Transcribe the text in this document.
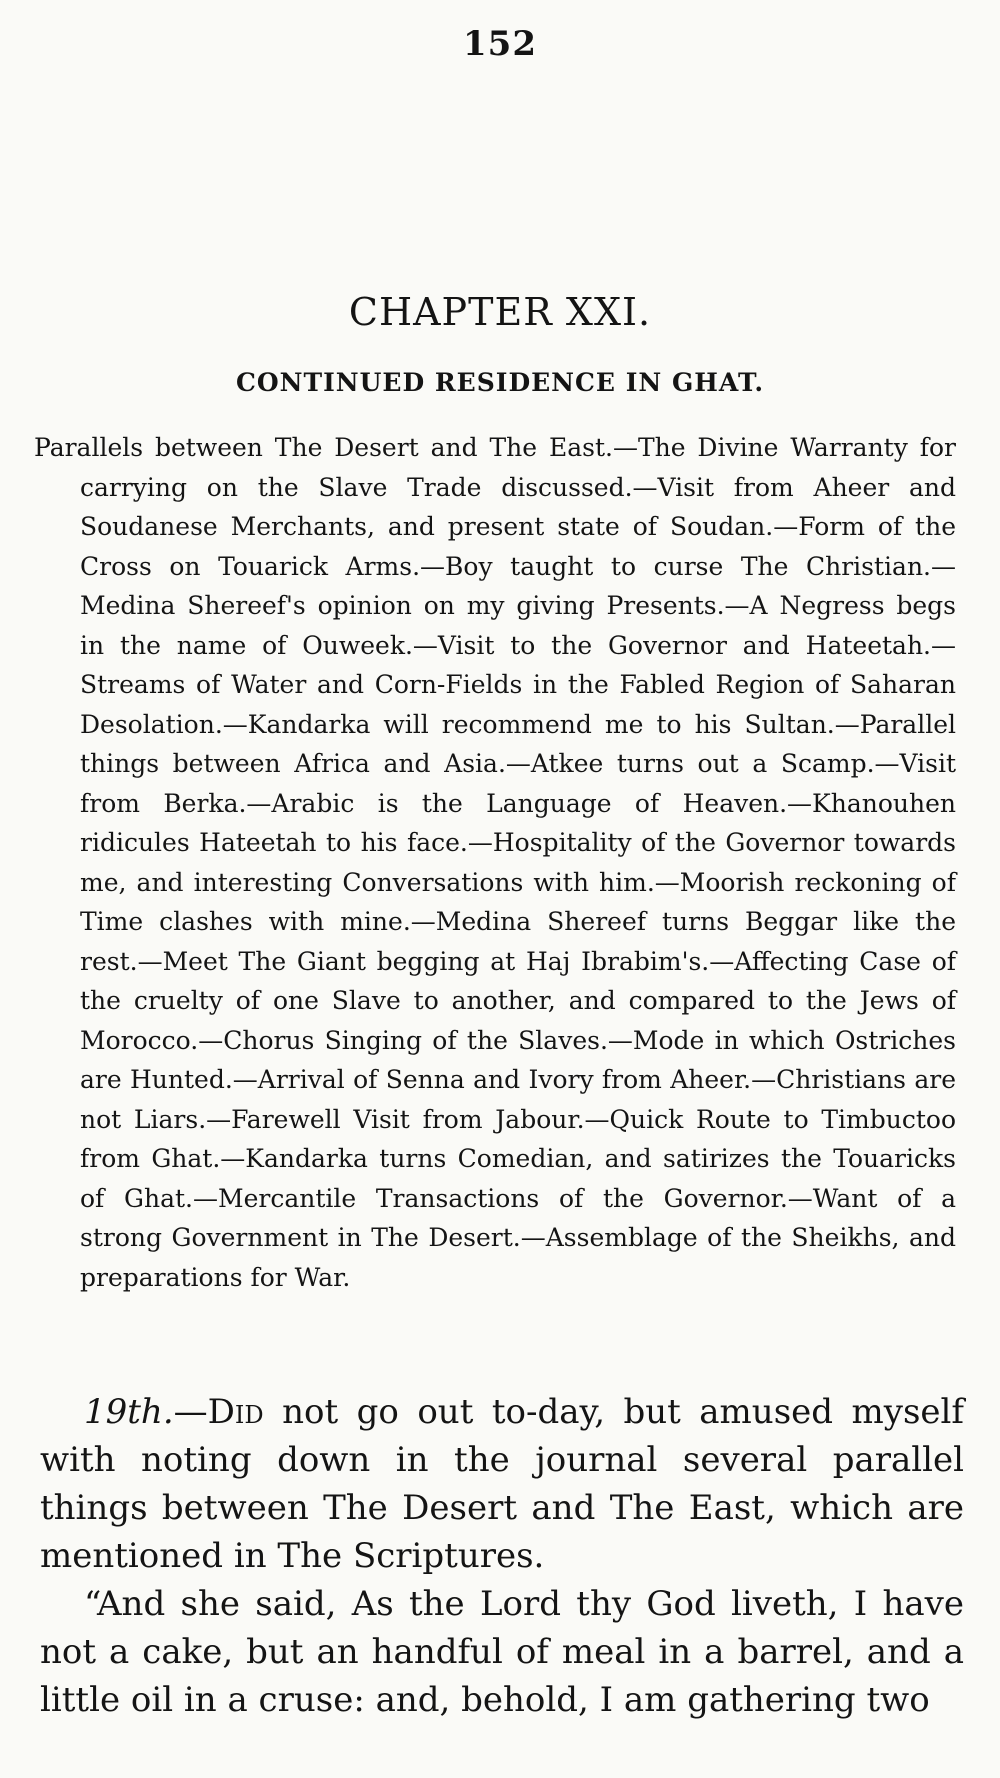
152
CHAPTER XXI.
CONTINUED RESIDENCE IN GHAT.
Parallels between The Desert and The East.—The Divine Warranty for carrying on the Slave Trade discussed.—Visit from Aheer and Soudanese Merchants, and present state of Soudan.—Form of the Cross on Touarick Arms.—Boy taught to curse The Christian.—Medina Shereef's opinion on my giving Presents.—A Negress begs in the name of Ouweek.—Visit to the Governor and Hateetah.—Streams of Water and Corn-Fields in the Fabled Region of Saharan Desolation.—Kandarka will recommend me to his Sultan.—Parallel things between Africa and Asia.—Atkee turns out a Scamp.—Visit from Berka.—Arabic is the Language of Heaven.—Khanouhen ridicules Hateetah to his face.—Hospitality of the Governor towards me, and interesting Conversations with him.—Moorish reckoning of Time clashes with mine.—Medina Shereef turns Beggar like the rest.—Meet The Giant begging at Haj Ibrabim's.—Affecting Case of the cruelty of one Slave to another, and compared to the Jews of Morocco.—Chorus Singing of the Slaves.—Mode in which Ostriches are Hunted.—Arrival of Senna and Ivory from Aheer.—Christians are not Liars.—Farewell Visit from Jabour.—Quick Route to Timbuctoo from Ghat.—Kandarka turns Comedian, and satirizes the Touaricks of Ghat.—Mercantile Transactions of the Governor.—Want of a strong Government in The Desert.—Assemblage of the Sheikhs, and preparations for War.

19th.—Did not go out to-day, but amused myself with noting down in the journal several parallel things between The Desert and The East, which are mentioned in The Scriptures.

“And she said, As the Lord thy God liveth, I have not a cake, but an handful of meal in a barrel, and a little oil in a cruse: and, behold, I am gathering two
